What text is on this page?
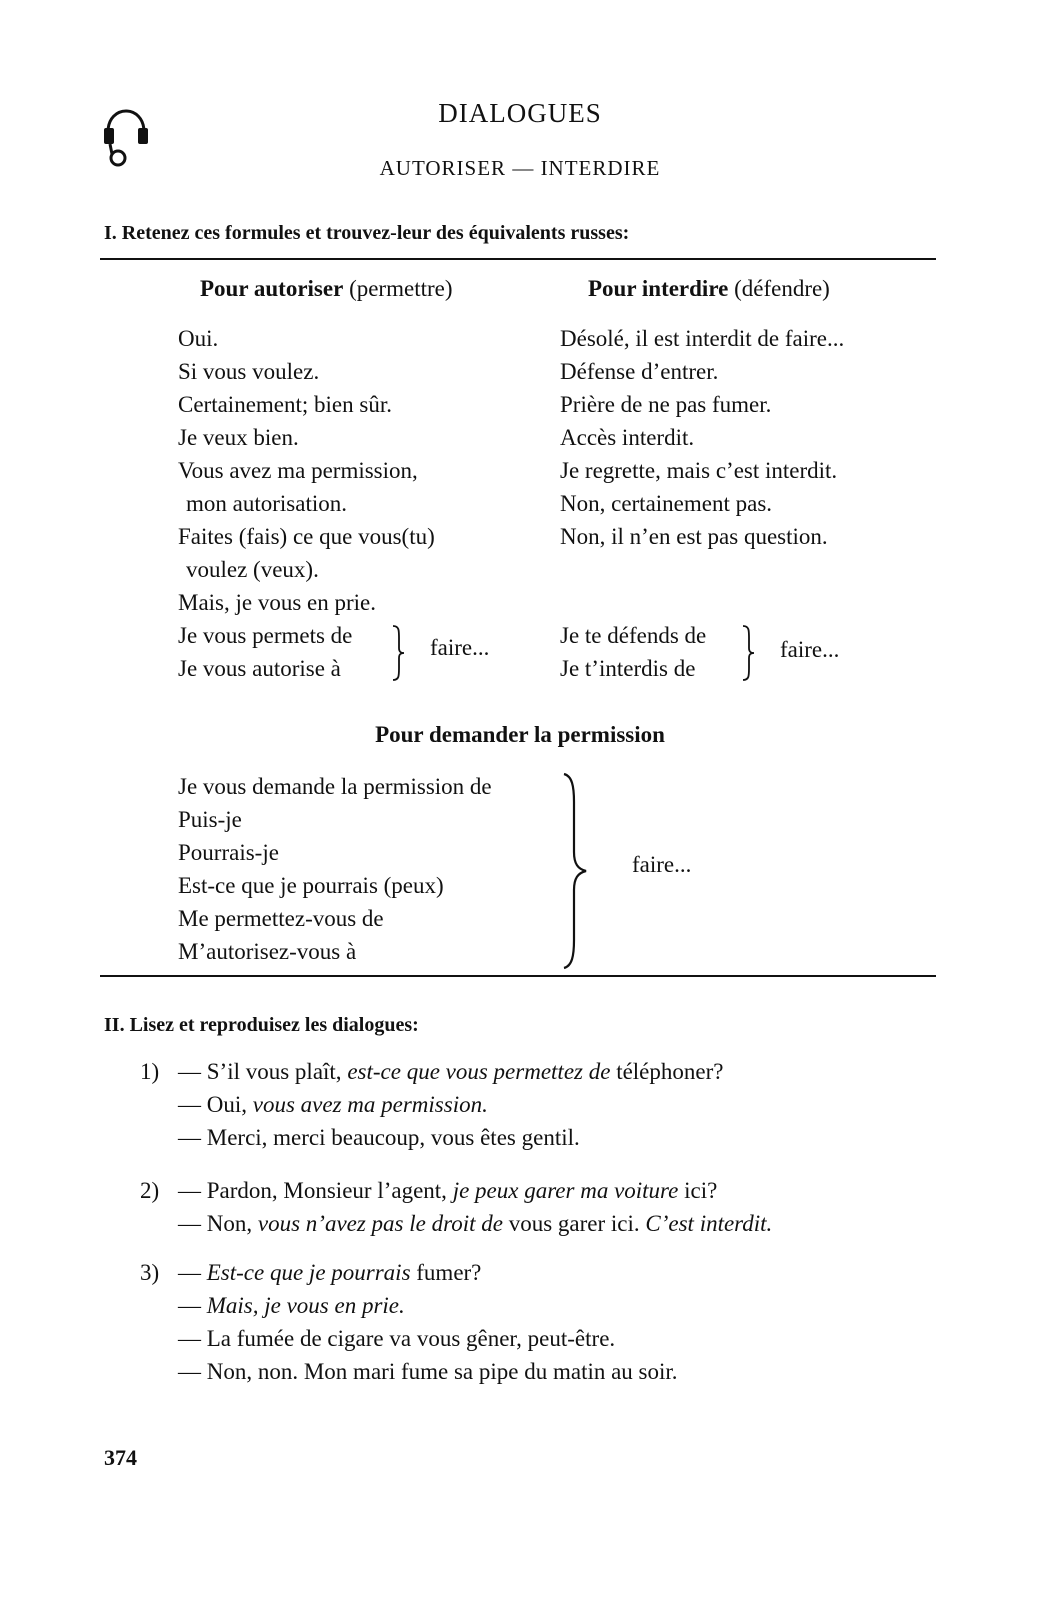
DIALOGUES
AUTORISER — INTERDIRE
I. Retenez ces formules et trouvez-leur des équivalents russes:
Pour autoriser (permettre)	Pour interdire (défendre)
Oui.
Si vous voulez.
Certainement; bien sûr.
Je veux bien.
Vous avez ma permission,
mon autorisation.
Faites (fais) ce que vous(tu)
voulez (veux).
Mais, je vous en prie.
Désolé, il est interdit de faire...
Défense d’entrer.
Prière de ne pas fumer.
Accès interdit.
Je regrette, mais c’est interdit.
Non, certainement pas.
Non, il n’en est pas question.
Je vous permets de
Je vous autorise à
faire...	Je te défends de
Je t’interdis de
faire...
Pour demander la permission
Je vous demande la permission de
Puis-je
Pourrais-je
Est-ce que je pourrais (peux)
Me permettez-vous de
M’autorisez-vous à
faire...
II. Lisez et reproduisez les dialogues:
1) — S’il vous plaît, est-ce que vous permettez de téléphoner?
— Oui, vous avez ma permission.
— Merci, merci beaucoup, vous êtes gentil.
2) — Pardon, Monsieur l’agent, je peux garer ma voiture ici?
— Non, vous n’avez pas le droit de vous garer ici. C’est interdit.
3) — Est-ce que je pourrais fumer?
— Mais, je vous en prie.
— La fumée de cigare va vous gêner, peut-être.
— Non, non. Mon mari fume sa pipe du matin au soir.
374
